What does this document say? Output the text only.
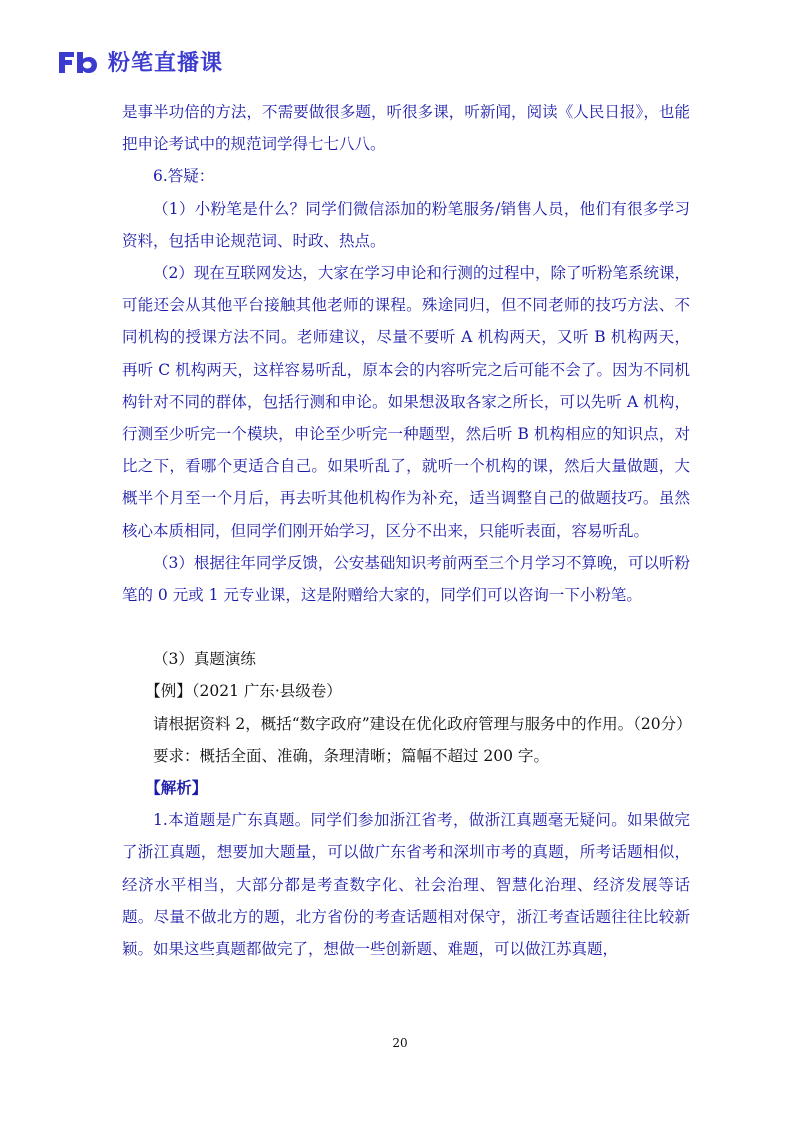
粉笔直播课

是事半功倍的方法，不需要做很多题，听很多课，听新闻，阅读《人民日报》，也能把申论考试中的规范词学得七七八八。

6.答疑：

（1）小粉笔是什么？同学们微信添加的粉笔服务/销售人员，他们有很多学习资料，包括申论规范词、时政、热点。

（2）现在互联网发达，大家在学习申论和行测的过程中，除了听粉笔系统课，可能还会从其他平台接触其他老师的课程。殊途同归，但不同老师的技巧方法、不同机构的授课方法不同。老师建议，尽量不要听 A 机构两天，又听 B 机构两天，再听 C 机构两天，这样容易听乱，原本会的内容听完之后可能不会了。因为不同机构针对不同的群体，包括行测和申论。如果想汲取各家之所长，可以先听 A 机构，行测至少听完一个模块，申论至少听完一种题型，然后听 B 机构相应的知识点，对比之下，看哪个更适合自己。如果听乱了，就听一个机构的课，然后大量做题，大概半个月至一个月后，再去听其他机构作为补充，适当调整自己的做题技巧。虽然核心本质相同，但同学们刚开始学习，区分不出来，只能听表面，容易听乱。

（3）根据往年同学反馈，公安基础知识考前两至三个月学习不算晚，可以听粉笔的 0 元或 1 元专业课，这是附赠给大家的，同学们可以咨询一下小粉笔。

（3）真题演练

【例】（2021 广东·县级卷）

请根据资料 2，概括“数字政府”建设在优化政府管理与服务中的作用。（20分）

要求：概括全面、准确，条理清晰；篇幅不超过 200 字。

【解析】

1.本道题是广东真题。同学们参加浙江省考，做浙江真题毫无疑问。如果做完了浙江真题，想要加大题量，可以做广东省考和深圳市考的真题，所考话题相似，经济水平相当，大部分都是考查数字化、社会治理、智慧化治理、经济发展等话题。尽量不做北方的题，北方省份的考查话题相对保守，浙江考查话题往往比较新颖。如果这些真题都做完了，想做一些创新题、难题，可以做江苏真题，

20
